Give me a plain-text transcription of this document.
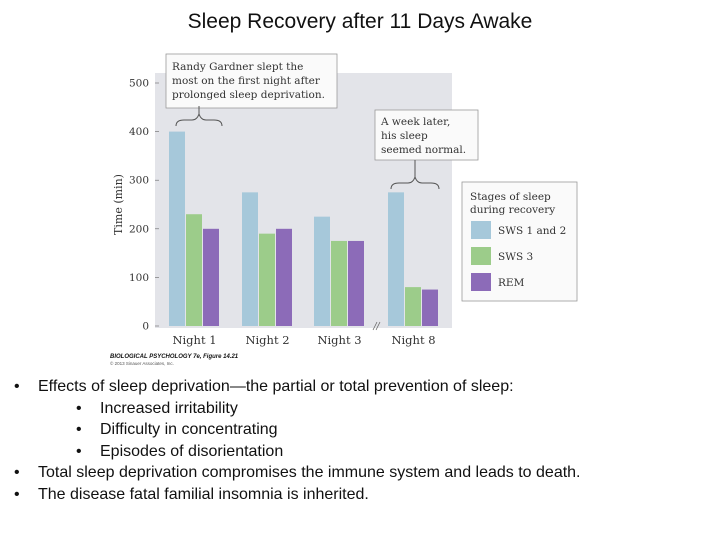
Sleep Recovery after 11 Days Awake
0
100
200
300
400
500
Time (min)
Night 1	Night 2 Night 3	Night 8
Randy Gardner slept the
most on the first night after
prolonged sleep deprivation.
A week later,
his sleep
seemed normal.
Stages of sleep
during recovery
SWS 1 and 2
SWS 3
REM
BIOLOGICAL PSYCHOLOGY 7e, Figure 14.21
© 2013 Sinauer Associates, Inc.
•	Effects of sleep deprivation—the partial or total prevention of sleep:
•	Increased irritability
•	Difficulty in concentrating
•	Episodes of disorientation
•	Total sleep deprivation compromises the immune system and leads to death.
•	The disease fatal familial insomnia is inherited.
